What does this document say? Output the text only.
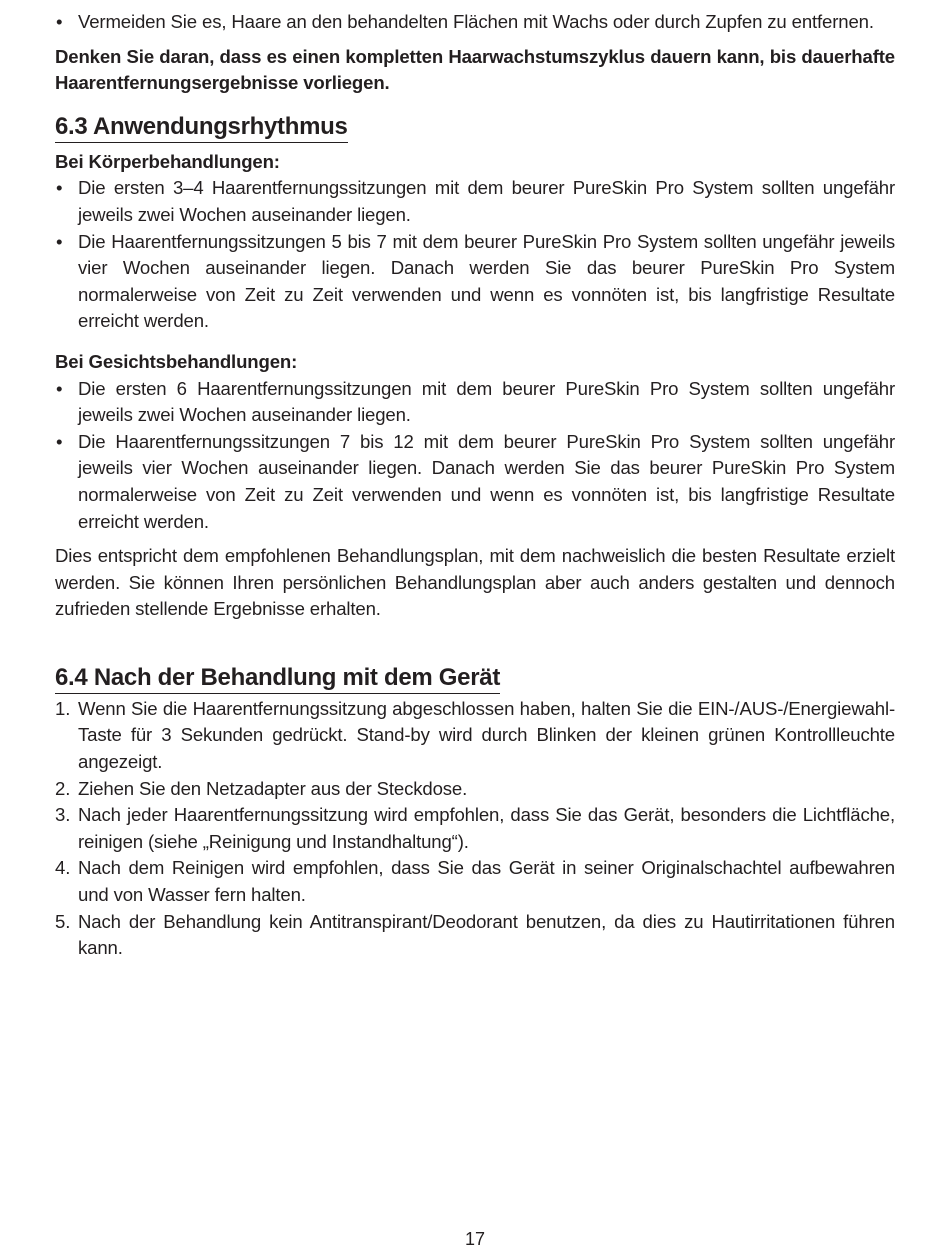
• Vermeiden Sie es, Haare an den behandelten Flächen mit Wachs oder durch Zupfen zu entfernen.

Denken Sie daran, dass es einen kompletten Haarwachstumszyklus dauern kann, bis dauerhafte Haarentfernungsergebnisse vorliegen.

6.3 Anwendungsrhythmus

Bei Körperbehandlungen:

• Die ersten 3–4 Haarentfernungssitzungen mit dem beurer PureSkin Pro System sollten ungefähr jeweils zwei Wochen auseinander liegen.
• Die Haarentfernungssitzungen 5 bis 7 mit dem beurer PureSkin Pro System sollten ungefähr jeweils vier Wochen auseinander liegen. Danach werden Sie das beurer PureSkin Pro System normalerweise von Zeit zu Zeit verwenden und wenn es vonnöten ist, bis langfristige Resultate erreicht werden.

Bei Gesichtsbehandlungen:

• Die ersten 6 Haarentfernungssitzungen mit dem beurer PureSkin Pro System sollten ungefähr jeweils zwei Wochen auseinander liegen.
• Die Haarentfernungssitzungen 7 bis 12 mit dem beurer PureSkin Pro System sollten ungefähr jeweils vier Wochen auseinander liegen. Danach werden Sie das beurer PureSkin Pro System normalerweise von Zeit zu Zeit verwenden und wenn es vonnöten ist, bis langfristige Resultate erreicht werden.

Dies entspricht dem empfohlenen Behandlungsplan, mit dem nachweislich die besten Resultate erzielt werden. Sie können Ihren persönlichen Behandlungsplan aber auch anders gestalten und dennoch zufrieden stellende Ergebnisse erhalten.

6.4 Nach der Behandlung mit dem Gerät
1. Wenn Sie die Haarentfernungssitzung abgeschlossen haben, halten Sie die EIN-/AUS-/Energiewahl-Taste für 3 Sekunden gedrückt. Stand-by wird durch Blinken der kleinen grünen Kontrollleuchte angezeigt.
2. Ziehen Sie den Netzadapter aus der Steckdose.
3. Nach jeder Haarentfernungssitzung wird empfohlen, dass Sie das Gerät, besonders die Lichtfläche, reinigen (siehe „Reinigung und Instandhaltung“).
4. Nach dem Reinigen wird empfohlen, dass Sie das Gerät in seiner Originalschachtel aufbewahren und von Wasser fern halten.
5. Nach der Behandlung kein Antitranspirant/Deodorant benutzen, da dies zu Hautirritationen führen kann.
17
